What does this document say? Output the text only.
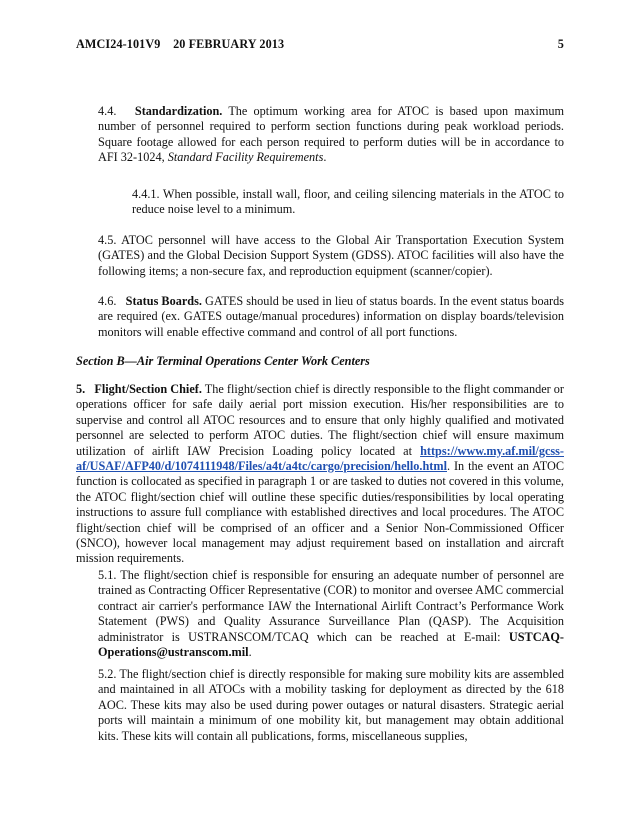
AMCI24-101V9 20 FEBRUARY 2013	5

4.4. Standardization. The optimum working area for ATOC is based upon maximum number of personnel required to perform section functions during peak workload periods. Square footage allowed for each person required to perform duties will be in accordance to AFI 32-1024, Standard Facility Requirements.

4.4.1. When possible, install wall, floor, and ceiling silencing materials in the ATOC to reduce noise level to a minimum.

4.5. ATOC personnel will have access to the Global Air Transportation Execution System (GATES) and the Global Decision Support System (GDSS). ATOC facilities will also have the following items; a non-secure fax, and reproduction equipment (scanner/copier).

4.6. Status Boards. GATES should be used in lieu of status boards. In the event status boards are required (ex. GATES outage/manual procedures) information on display boards/television monitors will enable effective command and control of all port functions.

Section B—Air Terminal Operations Center Work Centers

5. Flight/Section Chief. The flight/section chief is directly responsible to the flight commander or operations officer for safe daily aerial port mission execution. His/her responsibilities are to supervise and control all ATOC resources and to ensure that only highly qualified and motivated personnel are selected to perform ATOC duties. The flight/section chief will ensure maximum utilization of airlift IAW Precision Loading policy located at https://www.my.af.mil/gcss-af/USAF/AFP40/d/1074111948/Files/a4t/a4tc/cargo/precision/hello.html. In the event an ATOC function is collocated as specified in paragraph 1 or are tasked to duties not covered in this volume, the ATOC flight/section chief will outline these specific duties/responsibilities by local operating instructions to assure full compliance with established directives and local procedures. The ATOC flight/section chief will be comprised of an officer and a Senior Non-Commissioned Officer (SNCO), however local management may adjust requirement based on installation and aircraft mission requirements.

5.1. The flight/section chief is responsible for ensuring an adequate number of personnel are trained as Contracting Officer Representative (COR) to monitor and oversee AMC commercial contract air carrier's performance IAW the International Airlift Contract’s Performance Work Statement (PWS) and Quality Assurance Surveillance Plan (QASP). The Acquisition administrator is USTRANSCOM/TCAQ which can be reached at E-mail: USTCAQ-Operations@ustranscom.mil.

5.2. The flight/section chief is directly responsible for making sure mobility kits are assembled and maintained in all ATOCs with a mobility tasking for deployment as directed by the 618 AOC. These kits may also be used during power outages or natural disasters. Strategic aerial ports will maintain a minimum of one mobility kit, but management may obtain additional kits. These kits will contain all publications, forms, miscellaneous supplies,
